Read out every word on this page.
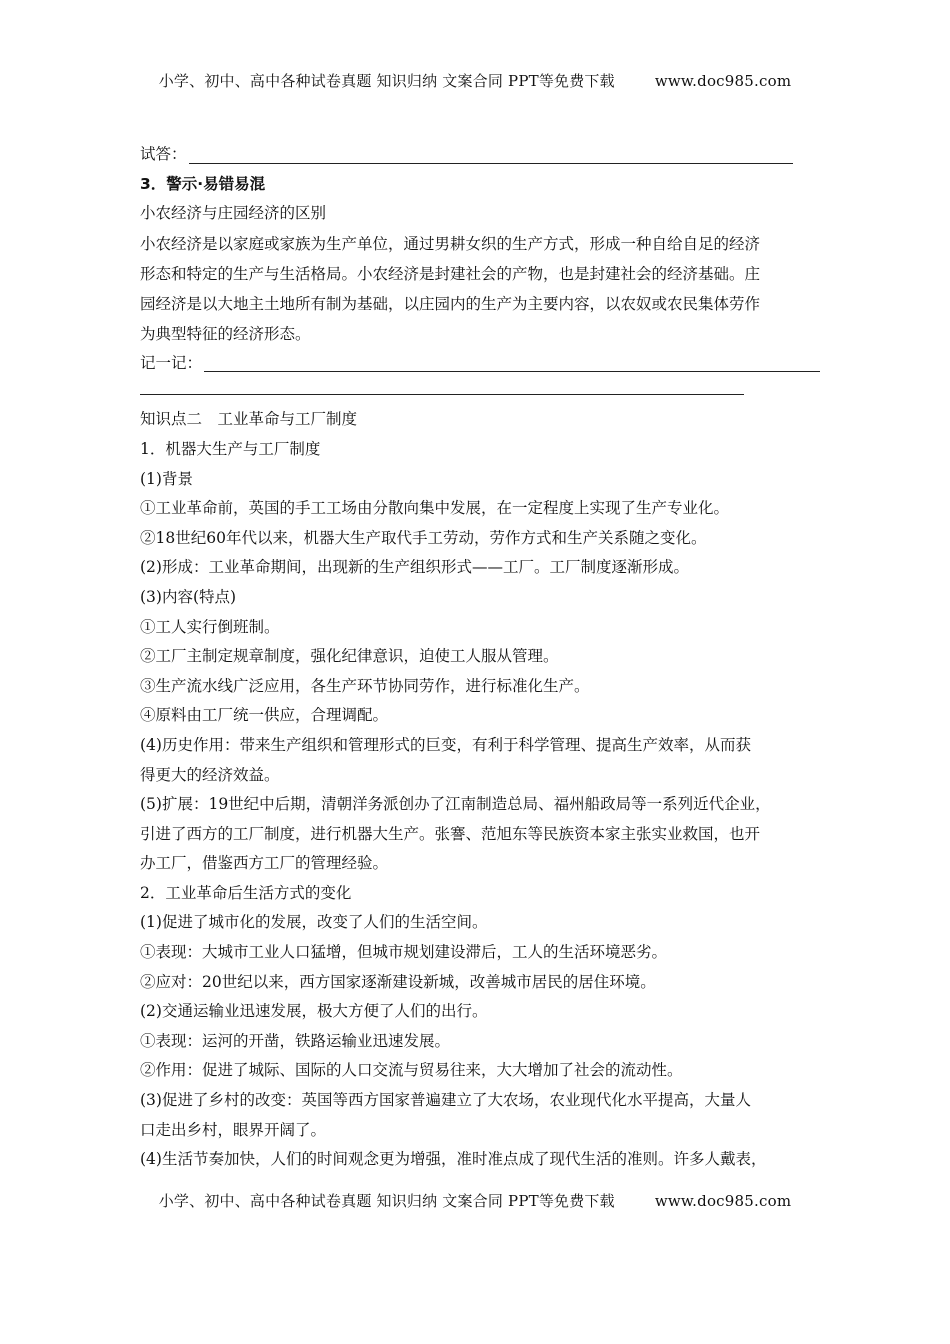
小学、初中、高中各种试卷真题 知识归纳 文案合同 PPT等免费下载	www.doc985.com
试答：
3．警示·易错易混
小农经济与庄园经济的区别
小农经济是以家庭或家族为生产单位，通过男耕女织的生产方式，形成一种自给自足的经济
形态和特定的生产与生活格局。小农经济是封建社会的产物，也是封建社会的经济基础。庄
园经济是以大地主土地所有制为基础，以庄园内的生产为主要内容，以农奴或农民集体劳作
为典型特征的经济形态。
记一记：
知识点二　工业革命与工厂制度
1．机器大生产与工厂制度
(1)背景
①工业革命前，英国的手工工场由分散向集中发展，在一定程度上实现了生产专业化。
②18世纪60年代以来，机器大生产取代手工劳动，劳作方式和生产关系随之变化。
(2)形成：工业革命期间，出现新的生产组织形式——工厂。工厂制度逐渐形成。
(3)内容(特点)
①工人实行倒班制。
②工厂主制定规章制度，强化纪律意识，迫使工人服从管理。
③生产流水线广泛应用，各生产环节协同劳作，进行标准化生产。
④原料由工厂统一供应，合理调配。
(4)历史作用：带来生产组织和管理形式的巨变，有利于科学管理、提高生产效率，从而获
得更大的经济效益。
(5)扩展：19世纪中后期，清朝洋务派创办了江南制造总局、福州船政局等一系列近代企业，
引进了西方的工厂制度，进行机器大生产。张謇、范旭东等民族资本家主张实业救国，也开
办工厂，借鉴西方工厂的管理经验。
2．工业革命后生活方式的变化
(1)促进了城市化的发展，改变了人们的生活空间。
①表现：大城市工业人口猛增，但城市规划建设滞后，工人的生活环境恶劣。
②应对：20世纪以来，西方国家逐渐建设新城，改善城市居民的居住环境。
(2)交通运输业迅速发展，极大方便了人们的出行。
①表现：运河的开凿，铁路运输业迅速发展。
②作用：促进了城际、国际的人口交流与贸易往来，大大增加了社会的流动性。
(3)促进了乡村的改变：英国等西方国家普遍建立了大农场，农业现代化水平提高，大量人
口走出乡村，眼界开阔了。
(4)生活节奏加快，人们的时间观念更为增强，准时准点成了现代生活的准则。许多人戴表，
小学、初中、高中各种试卷真题 知识归纳 文案合同 PPT等免费下载	www.doc985.com
